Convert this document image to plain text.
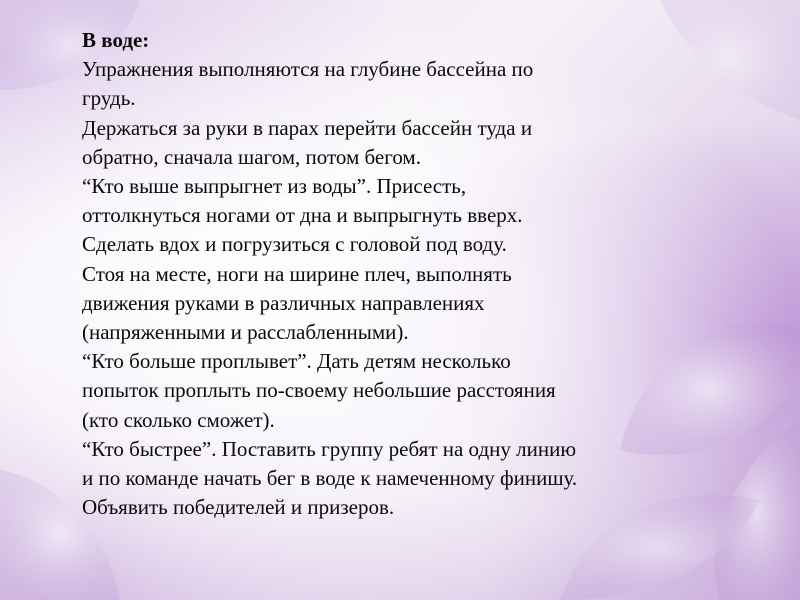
В воде:
Упражнения выполняются на глубине бассейна по
грудь.
Держаться за руки в парах перейти бассейн туда и
обратно, сначала шагом, потом бегом.
“Кто выше выпрыгнет из воды”. Присесть,
оттолкнуться ногами от дна и выпрыгнуть вверх.
Сделать вдох и погрузиться с головой под воду.
Стоя на месте, ноги на ширине плеч, выполнять
движения руками в различных направлениях
(напряженными и расслабленными).
“Кто больше проплывет”. Дать детям несколько
попыток проплыть по-своему небольшие расстояния
(кто сколько сможет).
“Кто быстрее”. Поставить группу ребят на одну линию
и по команде начать бег в воде к намеченному финишу.
Объявить победителей и призеров.
